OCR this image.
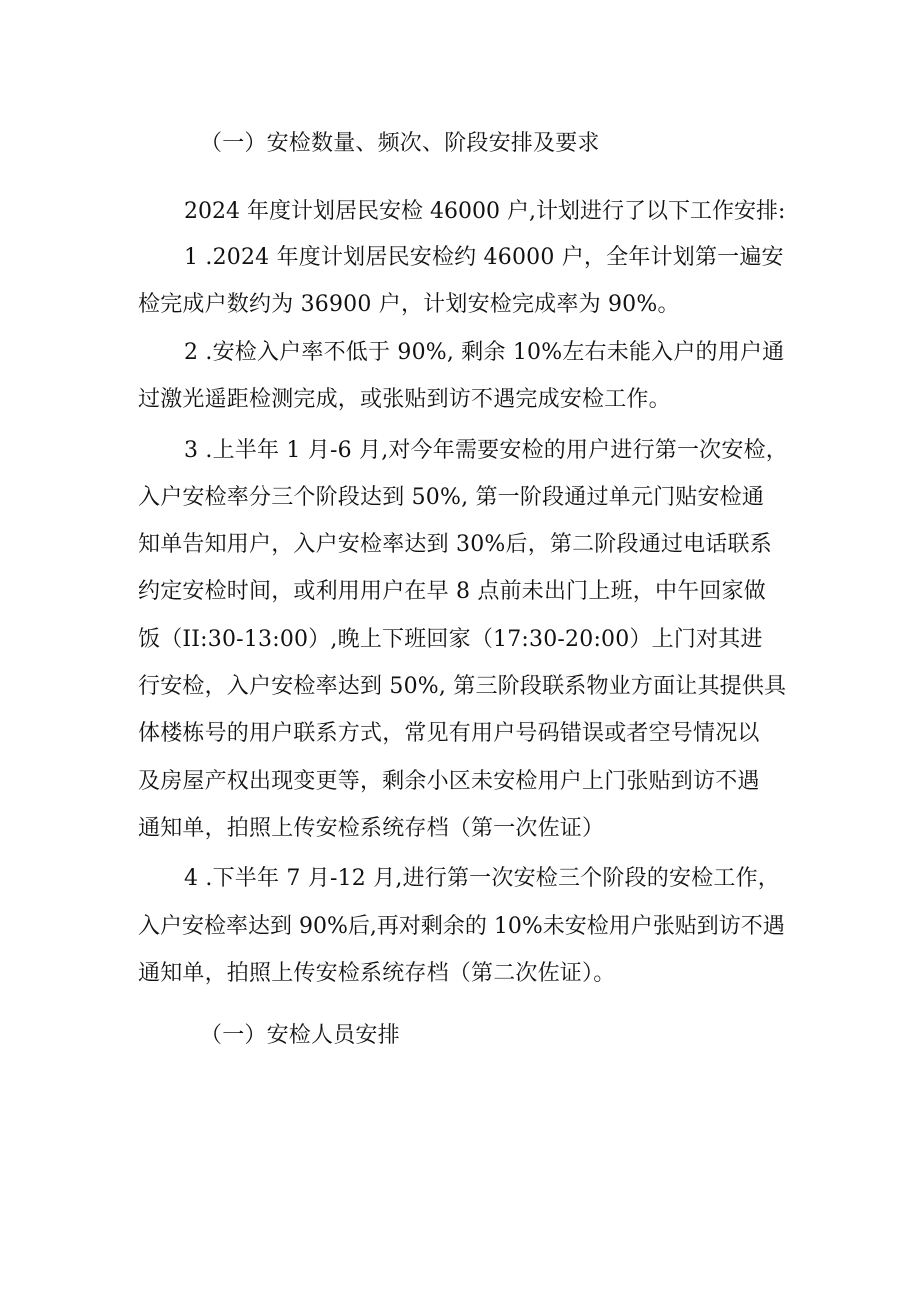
（一）安检数量、频次、阶段安排及要求
2024 年度计划居民安检 46000 户,计划进行了以下工作安排:
1 .2024 年度计划居民安检约 46000 户，全年计划第一遍安
检完成户数约为 36900 户，计划安检完成率为 90%。
2 .安检入户率不低于 90%, 剩余 10%左右未能入户的用户通
过激光遥距检测完成，或张贴到访不遇完成安检工作。
3 .上半年 1 月-6 月,对今年需要安检的用户进行第一次安检，
入户安检率分三个阶段达到 50%, 第一阶段通过单元门贴安检通
知单告知用户，入户安检率达到 30%后，第二阶段通过电话联系
约定安检时间，或利用用户在早 8 点前未出门上班，中午回家做
饭（II:30-13:00）,晚上下班回家（17:30-20:00）上门对其进
行安检，入户安检率达到 50%, 第三阶段联系物业方面让其提供具
体楼栋号的用户联系方式，常见有用户号码错误或者空号情况以
及房屋产权出现变更等，剩余小区未安检用户上门张贴到访不遇
通知单，拍照上传安检系统存档（第一次佐证）
4 .下半年 7 月-12 月,进行第一次安检三个阶段的安检工作，
入户安检率达到 90%后,再对剩余的 10%未安检用户张贴到访不遇
通知单，拍照上传安检系统存档（第二次佐证）。
（一）安检人员安排
